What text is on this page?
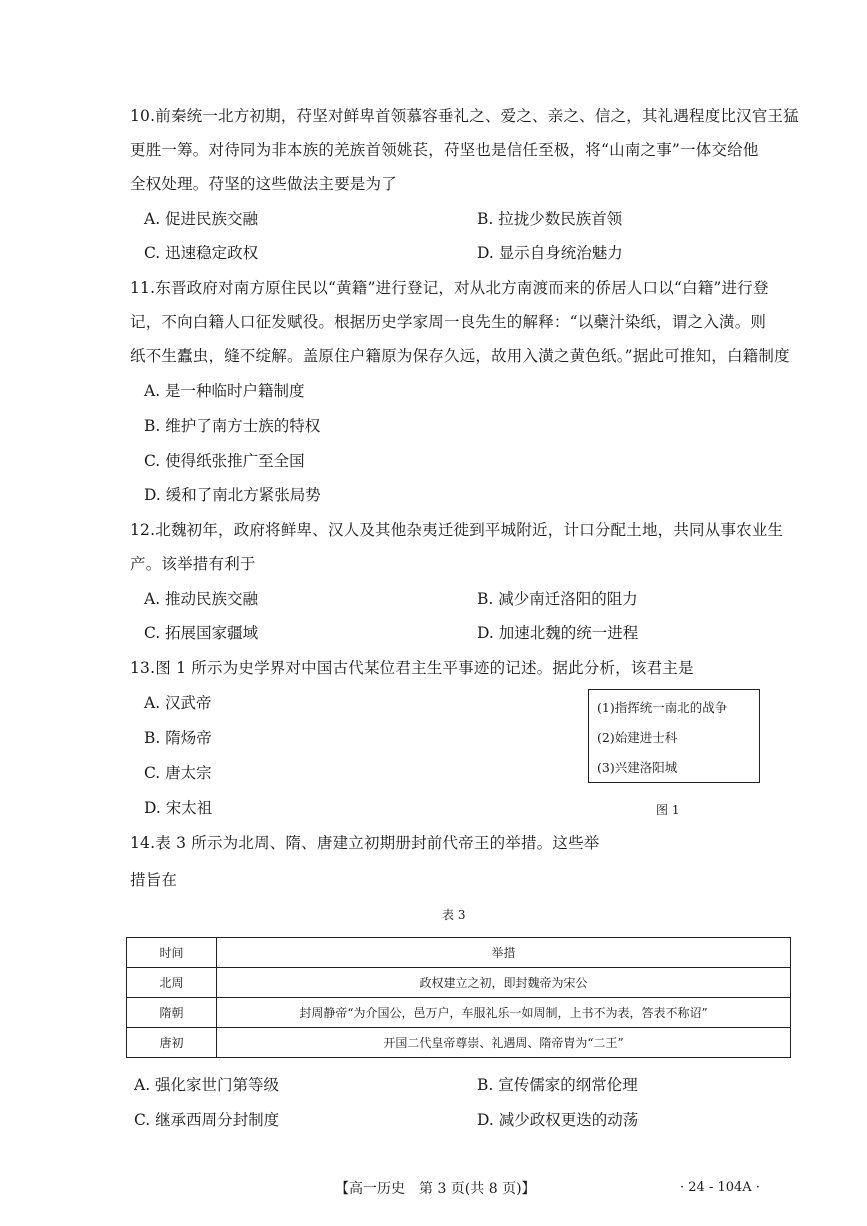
10.前秦统一北方初期，苻坚对鲜卑首领慕容垂礼之、爱之、亲之、信之，其礼遇程度比汉官王猛
更胜一筹。对待同为非本族的羌族首领姚苌，苻坚也是信任至极，将“山南之事”一体交给他
全权处理。苻坚的这些做法主要是为了
A. 促进民族交融	B. 拉拢少数民族首领
C. 迅速稳定政权	D. 显示自身统治魅力
11.东晋政府对南方原住民以“黄籍”进行登记，对从北方南渡而来的侨居人口以“白籍”进行登
记，不向白籍人口征发赋役。根据历史学家周一良先生的解释：“以蘗汁染纸，谓之入潢。则
纸不生蠹虫，缝不绽解。盖原住户籍原为保存久远，故用入潢之黄色纸。”据此可推知，白籍制度
A. 是一种临时户籍制度
B. 维护了南方士族的特权
C. 使得纸张推广至全国
D. 缓和了南北方紧张局势
12.北魏初年，政府将鲜卑、汉人及其他杂夷迁徙到平城附近，计口分配土地，共同从事农业生
产。该举措有利于
A. 推动民族交融	B. 减少南迁洛阳的阻力
C. 拓展国家疆域	D. 加速北魏的统一进程
13.图 1 所示为史学界对中国古代某位君主生平事迹的记述。据此分析，该君主是
A. 汉武帝
B. 隋炀帝
C. 唐太宗
D. 宋太祖
(1)指挥统一南北的战争
(2)始建进士科
(3)兴建洛阳城
图 1
14.表 3 所示为北周、隋、唐建立初期册封前代帝王的举措。这些举
措旨在
表 3
时间	举措
北周	政权建立之初，即封魏帝为宋公
隋朝	封周静帝“为介国公，邑万户，车服礼乐一如周制，上书不为表，答表不称诏”
唐初	开国二代皇帝尊崇、礼遇周、隋帝胄为“二王”
A. 强化家世门第等级	B. 宣传儒家的纲常伦理
C. 继承西周分封制度	D. 减少政权更迭的动荡
【高一历史　第 3 页(共 8 页)】	· 24 - 104A ·
